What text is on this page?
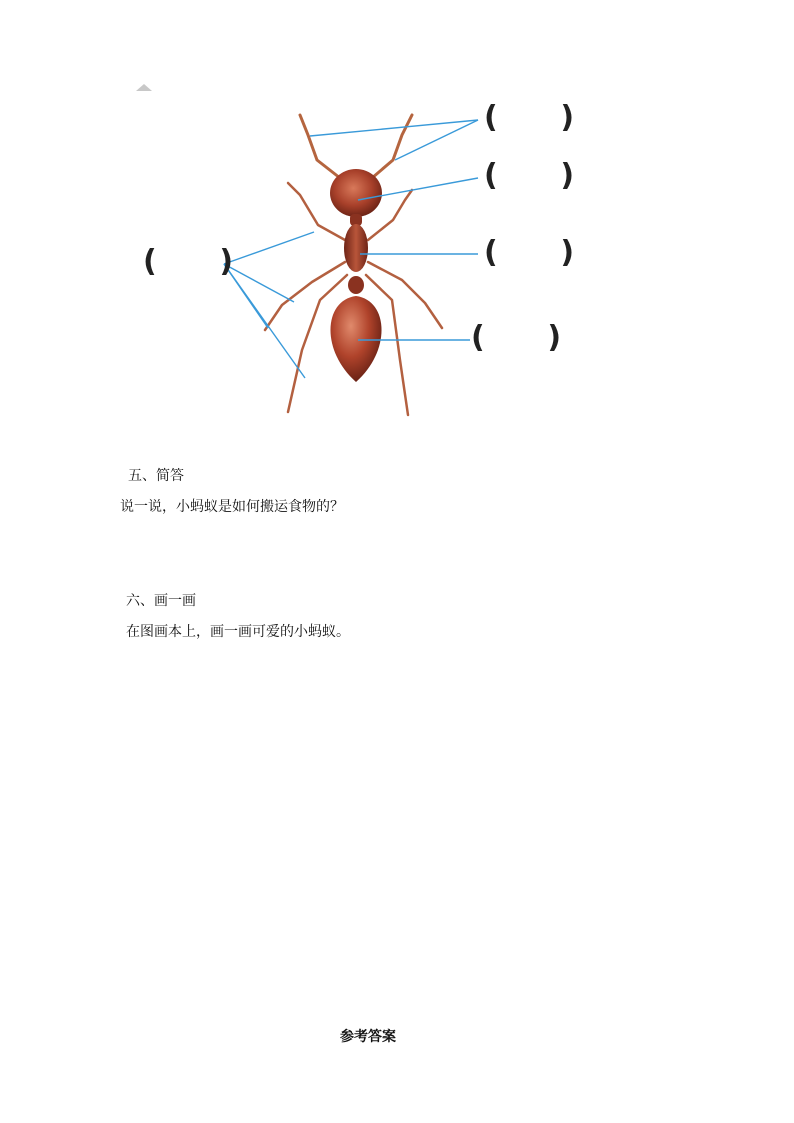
(      )
(      )
(      )
(      )
(      )
五、简答
说一说，小蚂蚁是如何搬运食物的？
六、画一画
在图画本上，画一画可爱的小蚂蚁。
参考答案
